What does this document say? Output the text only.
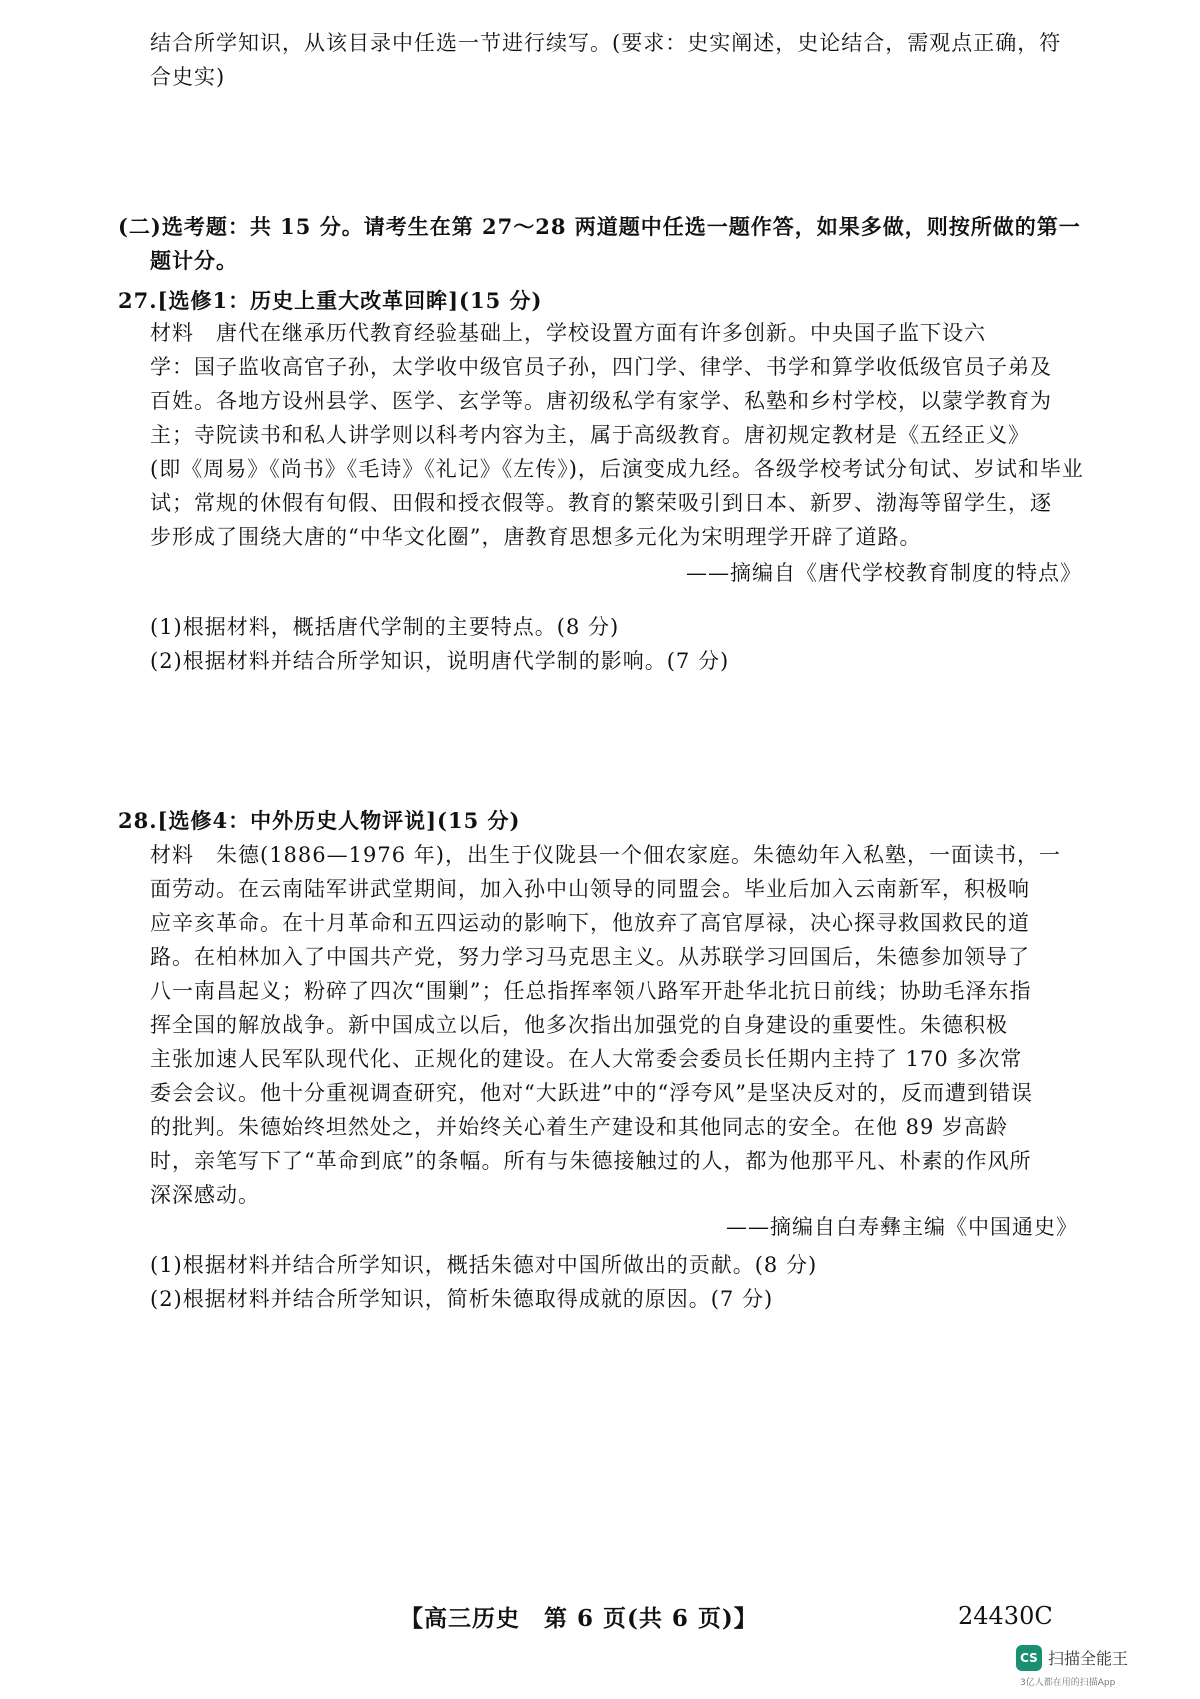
结合所学知识，从该目录中任选一节进行续写。(要求：史实阐述，史论结合，需观点正确，符
合史实)
(二)选考题：共 15 分。请考生在第 27～28 两道题中任选一题作答，如果多做，则按所做的第一
题计分。
27.[选修1：历史上重大改革回眸](15 分)
材料　唐代在继承历代教育经验基础上，学校设置方面有许多创新。中央国子监下设六
学：国子监收高官子孙，太学收中级官员子孙，四门学、律学、书学和算学收低级官员子弟及
百姓。各地方设州县学、医学、玄学等。唐初级私学有家学、私塾和乡村学校，以蒙学教育为
主；寺院读书和私人讲学则以科考内容为主，属于高级教育。唐初规定教材是《五经正义》
(即《周易》《尚书》《毛诗》《礼记》《左传》)，后演变成九经。各级学校考试分旬试、岁试和毕业
试；常规的休假有旬假、田假和授衣假等。教育的繁荣吸引到日本、新罗、渤海等留学生，逐
步形成了围绕大唐的“中华文化圈”，唐教育思想多元化为宋明理学开辟了道路。
——摘编自《唐代学校教育制度的特点》
(1)根据材料，概括唐代学制的主要特点。(8 分)
(2)根据材料并结合所学知识，说明唐代学制的影响。(7 分)
28.[选修4：中外历史人物评说](15 分)
材料　朱德(1886—1976 年)，出生于仪陇县一个佃农家庭。朱德幼年入私塾，一面读书，一
面劳动。在云南陆军讲武堂期间，加入孙中山领导的同盟会。毕业后加入云南新军，积极响
应辛亥革命。在十月革命和五四运动的影响下，他放弃了高官厚禄，决心探寻救国救民的道
路。在柏林加入了中国共产党，努力学习马克思主义。从苏联学习回国后，朱德参加领导了
八一南昌起义；粉碎了四次“围剿”；任总指挥率领八路军开赴华北抗日前线；协助毛泽东指
挥全国的解放战争。新中国成立以后，他多次指出加强党的自身建设的重要性。朱德积极
主张加速人民军队现代化、正规化的建设。在人大常委会委员长任期内主持了 170 多次常
委会会议。他十分重视调查研究，他对“大跃进”中的“浮夸风”是坚决反对的，反而遭到错误
的批判。朱德始终坦然处之，并始终关心着生产建设和其他同志的安全。在他 89 岁高龄
时，亲笔写下了“革命到底”的条幅。所有与朱德接触过的人，都为他那平凡、朴素的作风所
深深感动。
——摘编自白寿彝主编《中国通史》
(1)根据材料并结合所学知识，概括朱德对中国所做出的贡献。(8 分)
(2)根据材料并结合所学知识，简析朱德取得成就的原因。(7 分)
【高三历史　第 6 页(共 6 页)】	24430C
CS 扫描全能王
3亿人都在用的扫描App
